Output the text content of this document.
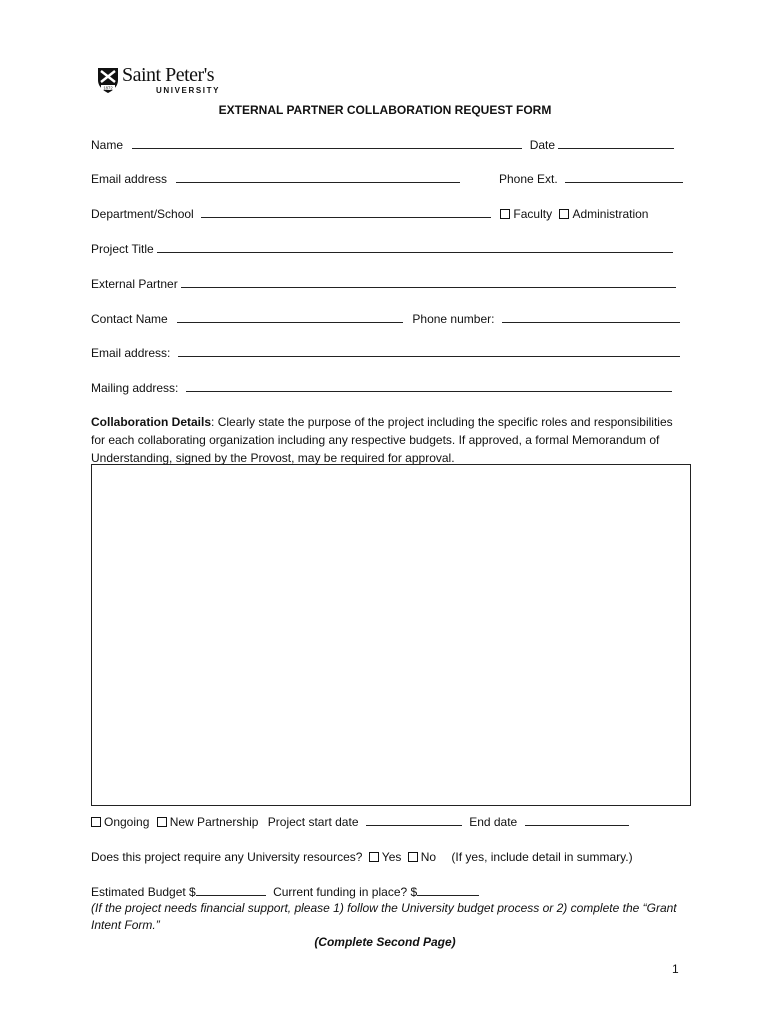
1872
Saint Peter's
UNIVERSITY
EXTERNAL PARTNER COLLABORATION REQUEST FORM
Name	Date
Email address	Phone Ext.
Department/School	Faculty Administration
Project Title
External Partner
Contact Name	Phone number:
Email address:
Mailing address:
Collaboration Details: Clearly state the purpose of the project including the specific roles and responsibilities for each collaborating organization including any respective budgets. If approved, a formal Memorandum of Understanding, signed by the Provost, may be required for approval.
Ongoing New Partnership Project start date	End date
Does this project require any University resources? Yes No (If yes, include detail in summary.)
Estimated Budget $	Current funding in place? $
(If the project needs financial support, please 1) follow the University budget process or 2) complete the “Grant Intent Form.”
(Complete Second Page)
1
